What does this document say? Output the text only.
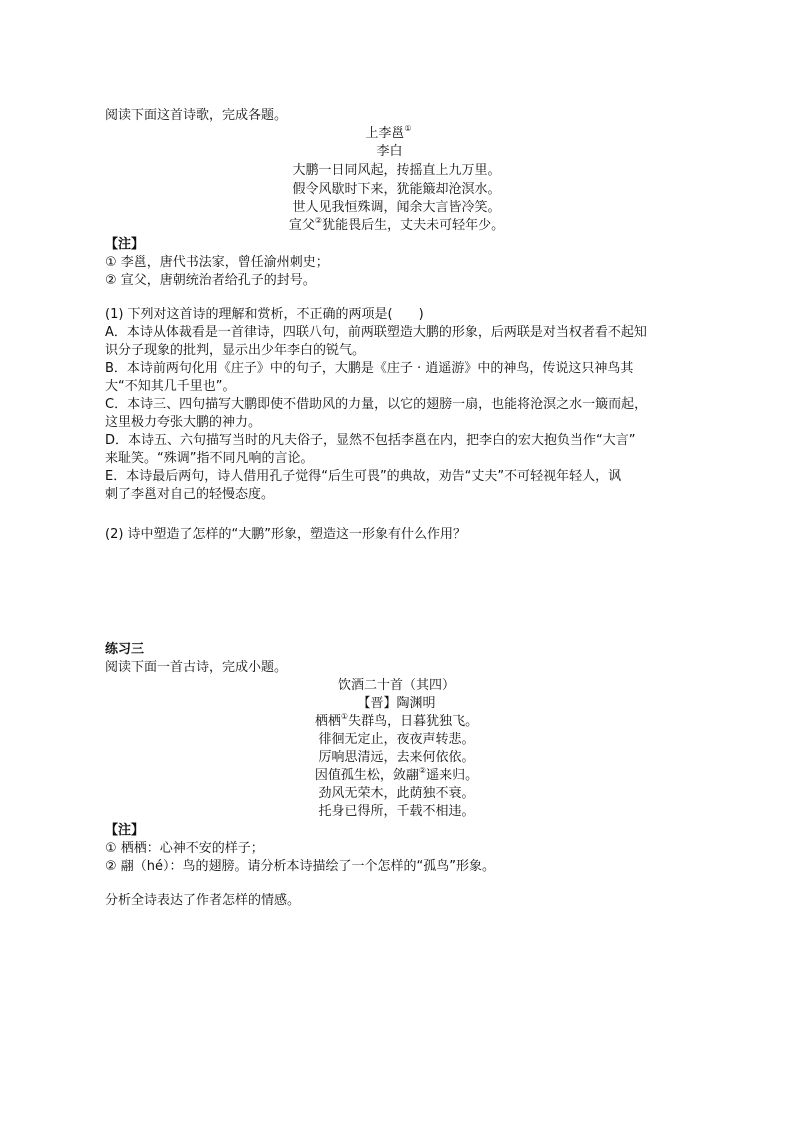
阅读下面这首诗歌，完成各题。
上李邕①
李白
大鹏一日同风起，抟摇直上九万里。
假令风歇时下来，犹能簸却沧溟水。
世人见我恒殊调，闻余大言皆冷笑。
宣父②犹能畏后生，丈夫未可轻年少。
【注】
① 李邕，唐代书法家，曾任渝州刺史；
② 宣父，唐朝统治者给孔子的封号。
(1) 下列对这首诗的理解和赏析，不正确的两项是( )
A．本诗从体裁看是一首律诗，四联八句，前两联塑造大鹏的形象，后两联是对当权者看不起知
识分子现象的批判，显示出少年李白的锐气。
B．本诗前两句化用《庄子》中的句子，大鹏是《庄子 · 逍遥游》中的神鸟，传说这只神鸟其
大“不知其几千里也”。
C．本诗三、四句描写大鹏即使不借助风的力量，以它的翅膀一扇，也能将沧溟之水一簸而起，
这里极力夸张大鹏的神力。
D．本诗五、六句描写当时的凡夫俗子，显然不包括李邕在内，把李白的宏大抱负当作“大言”
来耻笑。“殊调”指不同凡响的言论。
E．本诗最后两句，诗人借用孔子觉得“后生可畏”的典故，劝告“丈夫”不可轻视年轻人，讽
刺了李邕对自己的轻慢态度。
(2) 诗中塑造了怎样的“大鹏”形象，塑造这一形象有什么作用？
练习三
阅读下面一首古诗，完成小题。
饮酒二十首（其四）
【晋】陶渊明
栖栖①失群鸟，日暮犹独飞。
徘徊无定止，夜夜声转悲。
厉响思清远，去来何依依。
因值孤生松，敛翮②遥来归。
劲风无荣木，此荫独不衰。
托身已得所，千载不相违。
【注】
① 栖栖：心神不安的样子；
② 翮（hé）：鸟的翅膀。请分析本诗描绘了一个怎样的“孤鸟”形象。
分析全诗表达了作者怎样的情感。
